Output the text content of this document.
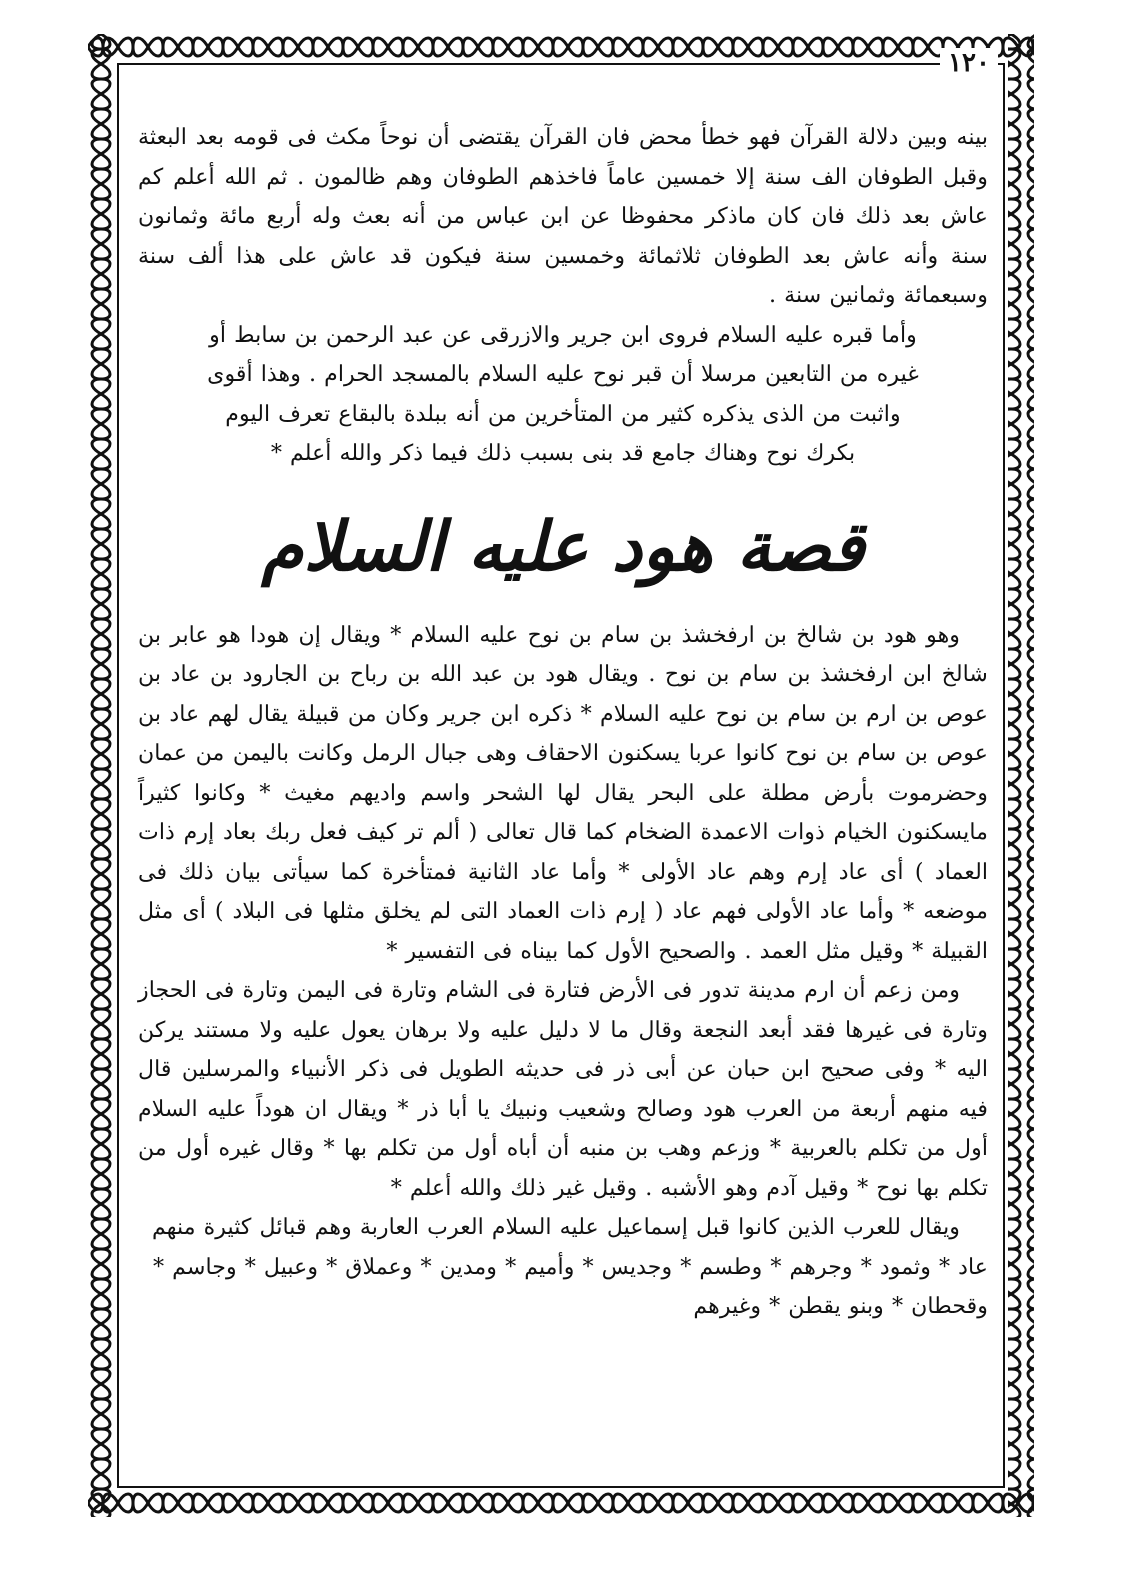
١٢٠

بينه وبين دلالة القرآن فهو خطأ محض فان القرآن يقتضى أن نوحاً مكث فى قومه بعد البعثة وقبل الطوفان الف سنة إلا خمسين عاماً فاخذهم الطوفان وهم ظالمون . ثم الله أعلم كم عاش بعد ذلك فان كان ماذكر محفوظا عن ابن عباس من أنه بعث وله أربع مائة وثمانون سنة وأنه عاش بعد الطوفان ثلاثمائة وخمسين سنة فيكون قد عاش على هذا ألف سنة وسبعمائة وثمانين سنة .

وأما قبره عليه السلام فروى ابن جرير والازرقى عن عبد الرحمن بن سابط أو غيره من التابعين مرسلا أن قبر نوح عليه السلام بالمسجد الحرام . وهذا أقوى واثبت من الذى يذكره كثير من المتأخرين من أنه ببلدة بالبقاع تعرف اليوم بكرك نوح وهناك جامع قد بنى بسبب ذلك فيما ذكر والله أعلم *

قصة هود عليه السلام

وهو هود بن شالخ بن ارفخشذ بن سام بن نوح عليه السلام * ويقال إن هودا هو عابر بن شالخ ابن ارفخشذ بن سام بن نوح . ويقال هود بن عبد الله بن رباح بن الجارود بن عاد بن عوص بن ارم بن سام بن نوح عليه السلام * ذكره ابن جرير وكان من قبيلة يقال لهم عاد بن عوص بن سام بن نوح كانوا عربا يسكنون الاحقاف وهى جبال الرمل وكانت باليمن من عمان وحضرموت بأرض مطلة على البحر يقال لها الشحر واسم واديهم مغيث * وكانوا كثيراً مايسكنون الخيام ذوات الاعمدة الضخام كما قال تعالى ( ألم تر كيف فعل ربك بعاد إرم ذات العماد ) أى عاد إرم وهم عاد الأولى * وأما عاد الثانية فمتأخرة كما سيأتى بيان ذلك فى موضعه * وأما عاد الأولى فهم عاد ( إرم ذات العماد التى لم يخلق مثلها فى البلاد ) أى مثل القبيلة * وقيل مثل العمد . والصحيح الأول كما بيناه فى التفسير *

ومن زعم أن ارم مدينة تدور فى الأرض فتارة فى الشام وتارة فى اليمن وتارة فى الحجاز وتارة فى غيرها فقد أبعد النجعة وقال ما لا دليل عليه ولا برهان يعول عليه ولا مستند يركن اليه * وفى صحيح ابن حبان عن أبى ذر فى حديثه الطويل فى ذكر الأنبياء والمرسلين قال فيه منهم أربعة من العرب هود وصالح وشعيب ونبيك يا أبا ذر * ويقال ان هوداً عليه السلام أول من تكلم بالعربية * وزعم وهب بن منبه أن أباه أول من تكلم بها * وقال غيره أول من تكلم بها نوح * وقيل آدم وهو الأشبه . وقيل غير ذلك والله أعلم *

ويقال للعرب الذين كانوا قبل إسماعيل عليه السلام العرب العاربة وهم قبائل كثيرة منهم عاد * وثمود * وجرهم * وطسم * وجديس * وأميم * ومدين * وعملاق * وعبيل * وجاسم * وقحطان * وبنو يقطن * وغيرهم
